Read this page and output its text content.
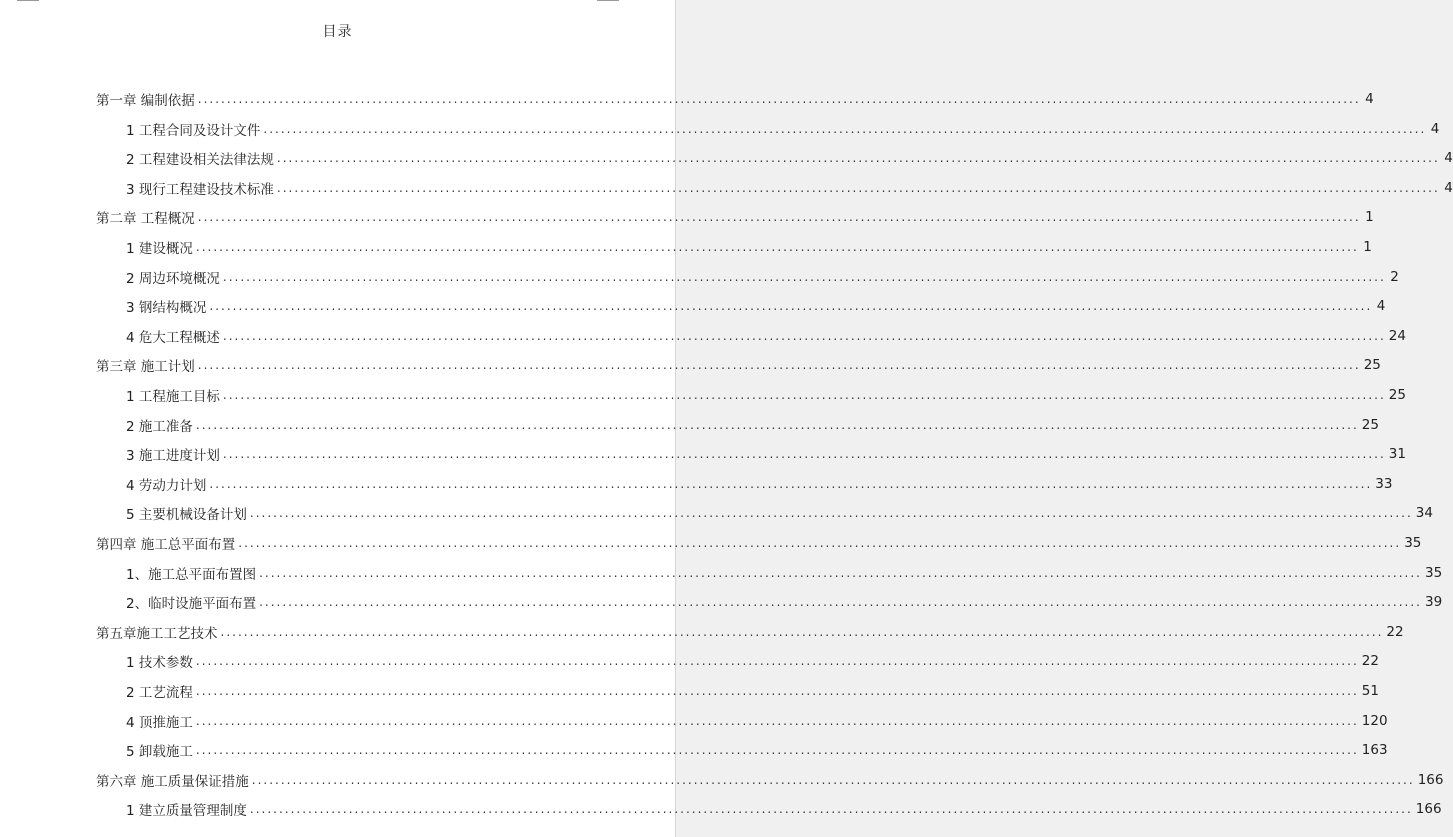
目录
第一章 编制依据 ........................................................................................................................................................................................................ 4
1 工程合同及设计文件 ........................................................................................................................................................................................................ 4
2 工程建设相关法律法规 ........................................................................................................................................................................................................ 4
3 现行工程建设技术标准 ........................................................................................................................................................................................................ 4
第二章 工程概况 ........................................................................................................................................................................................................ 1
1 建设概况 ........................................................................................................................................................................................................ 1
2 周边环境概况 ........................................................................................................................................................................................................ 2
3 钢结构概况 ........................................................................................................................................................................................................ 4
4 危大工程概述 ........................................................................................................................................................................................................ 24
第三章 施工计划 ........................................................................................................................................................................................................ 25
1 工程施工目标 ........................................................................................................................................................................................................ 25
2 施工准备 ........................................................................................................................................................................................................ 25
3 施工进度计划 ........................................................................................................................................................................................................ 31
4 劳动力计划 ........................................................................................................................................................................................................ 33
5 主要机械设备计划 ........................................................................................................................................................................................................ 34
第四章 施工总平面布置 ........................................................................................................................................................................................................ 35
1、施工总平面布置图 ........................................................................................................................................................................................................ 35
2、临时设施平面布置 ........................................................................................................................................................................................................ 39
第五章施工工艺技术 ........................................................................................................................................................................................................ 22
1 技术参数 ........................................................................................................................................................................................................ 22
2 工艺流程 ........................................................................................................................................................................................................ 51
4 顶推施工 ........................................................................................................................................................................................................ 120
5 卸载施工 ........................................................................................................................................................................................................ 163
第六章 施工质量保证措施 ........................................................................................................................................................................................................ 166
1 建立质量管理制度 ........................................................................................................................................................................................................ 166
